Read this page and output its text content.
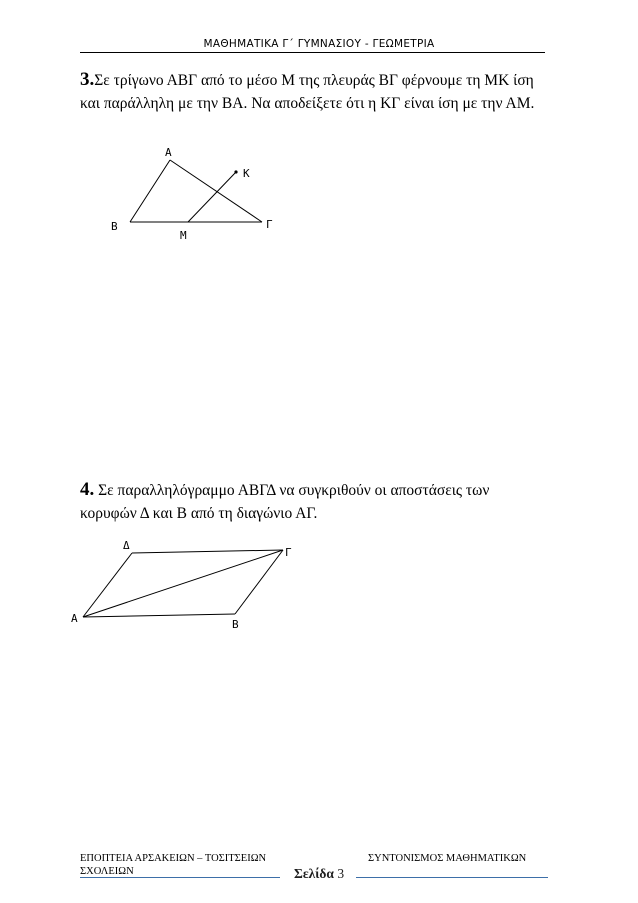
ΜΑΘΗΜΑΤΙΚΑ Γ΄ ΓΥΜΝΑΣΙΟΥ - ΓΕΩΜΕΤΡΙΑ
3.Σε τρίγωνο ΑΒΓ από το μέσο Μ της πλευράς ΒΓ φέρνουμε τη ΜΚ ίση και παράλληλη με την ΒΑ. Να αποδείξετε ότι η ΚΓ είναι ίση με την ΑΜ.
Α
Κ
Β
Μ
Γ
Δ
Γ
Α	Β
4. Σε παραλληλόγραμμο ΑΒΓΔ να συγκριθούν οι αποστάσεις των κορυφών Δ και Β από τη διαγώνιο ΑΓ.
ΕΠΟΠΤΕΙΑ ΑΡΣΑΚΕΙΩΝ – ΤΟΣΙΤΣΕΙΩΝ
ΣΧΟΛΕΙΩΝ
ΣΥΝΤΟΝΙΣΜΟΣ ΜΑΘΗΜΑΤΙΚΩΝ
Σελίδα 3
